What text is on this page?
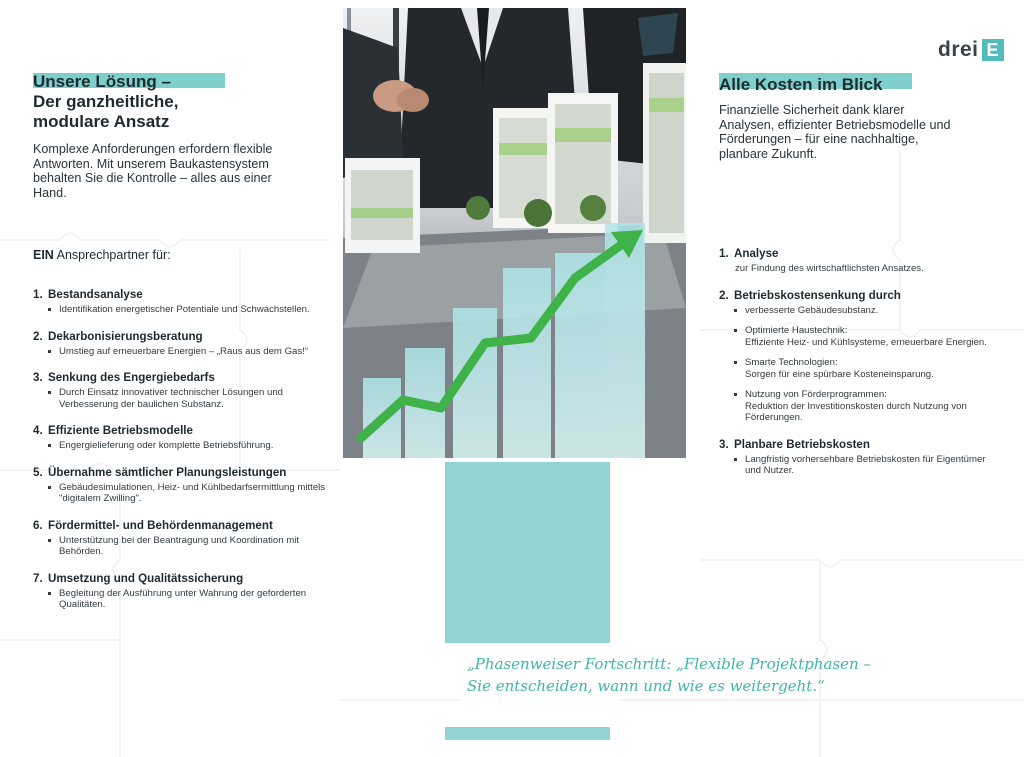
Unsere Lösung –
Der ganzheitliche,
modulare Ansatz
Komplexe Anforderungen erfordern flexible Antworten. Mit unserem Baukastensystem behalten Sie die Kontrolle – alles aus einer Hand.
EIN Ansprechpartner für:
1. Bestandsanalyse
Identifikation energetischer Potentiale und Schwachstellen.
2. Dekarbonisierungsberatung
Umstieg auf erneuerbare Energien – „Raus aus dem Gas!“
3. Senkung des Engergiebedarfs
Durch Einsatz innovativer technischer Lösungen und Verbesserung der baulichen Substanz.
4. Effiziente Betriebsmodelle
Engergielieferung oder komplette Betriebsführung.
5. Übernahme sämtlicher Planungsleistungen
Gebäudesimulationen, Heiz- und Kühlbedarfsermittlung mittels "digitalem Zwilling".
6. Fördermittel- und Behördenmanagement
Unterstützung bei der Beantragung und Koordination mit Behörden.
7. Umsetzung und Qualitätssicherung
Begleitung der Ausführung unter Wahrung der geforderten Qualitäten.
„Phasenweiser Fortschritt: „Flexible Projektphasen – Sie entscheiden, wann und wie es weitergeht.“
Alle Kosten im Blick
Finanzielle Sicherheit dank klarer Analysen, effizienter Betriebsmodelle und Förderungen – für eine nachhaltige, planbare Zukunft.
1. Analyse
zur Findung des wirtschaftlichsten Ansatzes.
2. Betriebskostensenkung durch
verbesserte Gebäudesubstanz.
Optimierte Haustechnik:
Effiziente Heiz- und Kühlsysteme, erneuerbare Energien.
Smarte Technologien:
Sorgen für eine spürbare Kosteneinsparung.
Nutzung von Förderprogrammen:
Reduktion der Investitionskosten durch Nutzung von Förderungen.
3. Planbare Betriebskosten
Langfristig vorhersehbare Betriebskosten für Eigentümer und Nutzer.
drei E
